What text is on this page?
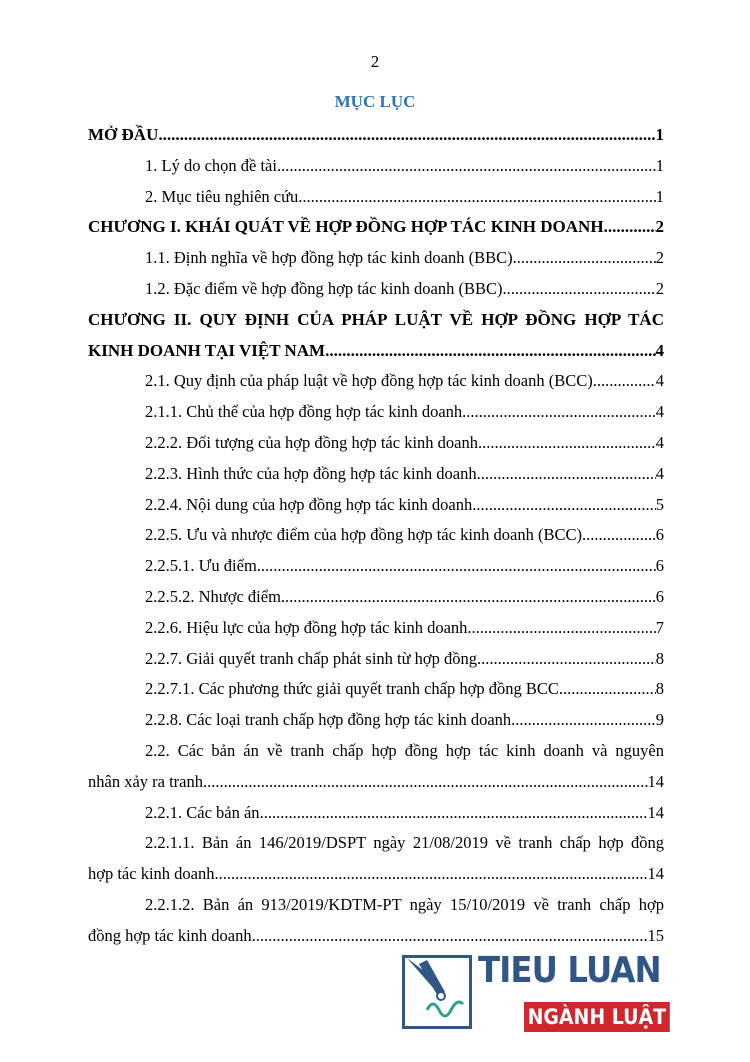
2
MỤC LỤC
MỞ ĐẦU .....	1
1. Lý do chọn đề tài .....	1
2. Mục tiêu nghiên cứu .....	1
CHƯƠNG I. KHÁI QUÁT VỀ HỢP ĐỒNG HỢP TÁC KINH DOANH .....	2
1.1. Định nghĩa về hợp đồng hợp tác kinh doanh (BBC) .....	2
1.2. Đặc điểm về hợp đồng hợp tác kinh doanh (BBC) .....	2
CHƯƠNG II. QUY ĐỊNH CỦA PHÁP LUẬT VỀ HỢP ĐỒNG HỢP TÁC
KINH DOANH TẠI VIỆT NAM .....	4
2.1. Quy định của pháp luật về hợp đồng hợp tác kinh doanh (BCC) .....	4
2.1.1. Chủ thể của hợp đồng hợp tác kinh doanh .....	4
2.2.2. Đối tượng của hợp đồng hợp tác kinh doanh .....	4
2.2.3. Hình thức của hợp đồng hợp tác kinh doanh .....	4
2.2.4. Nội dung của hợp đồng hợp tác kinh doanh .....	5
2.2.5. Ưu và nhược điểm của hợp đồng hợp tác kinh doanh (BCC) .....	6
2.2.5.1. Ưu điểm .....	6
2.2.5.2. Nhược điểm .....	6
2.2.6. Hiệu lực của hợp đồng hợp tác kinh doanh .....	7
2.2.7. Giải quyết tranh chấp phát sinh từ hợp đồng .....	8
2.2.7.1. Các phương thức giải quyết tranh chấp hợp đồng BCC .....	8
2.2.8. Các loại tranh chấp hợp đồng hợp tác kinh doanh .....	9
2.2. Các bản án về tranh chấp hợp đồng hợp tác kinh doanh và nguyên
nhân xảy ra tranh .....	14
2.2.1. Các bản án .....	14
2.2.1.1. Bản án 146/2019/DSPT ngày 21/08/2019 về tranh chấp hợp đồng
hợp tác kinh doanh .....	14
2.2.1.2. Bản án 913/2019/KDTM-PT ngày 15/10/2019 về tranh chấp hợp
đồng hợp tác kinh doanh .....	15
TIEU LUAN
NGÀNH LUẬT
